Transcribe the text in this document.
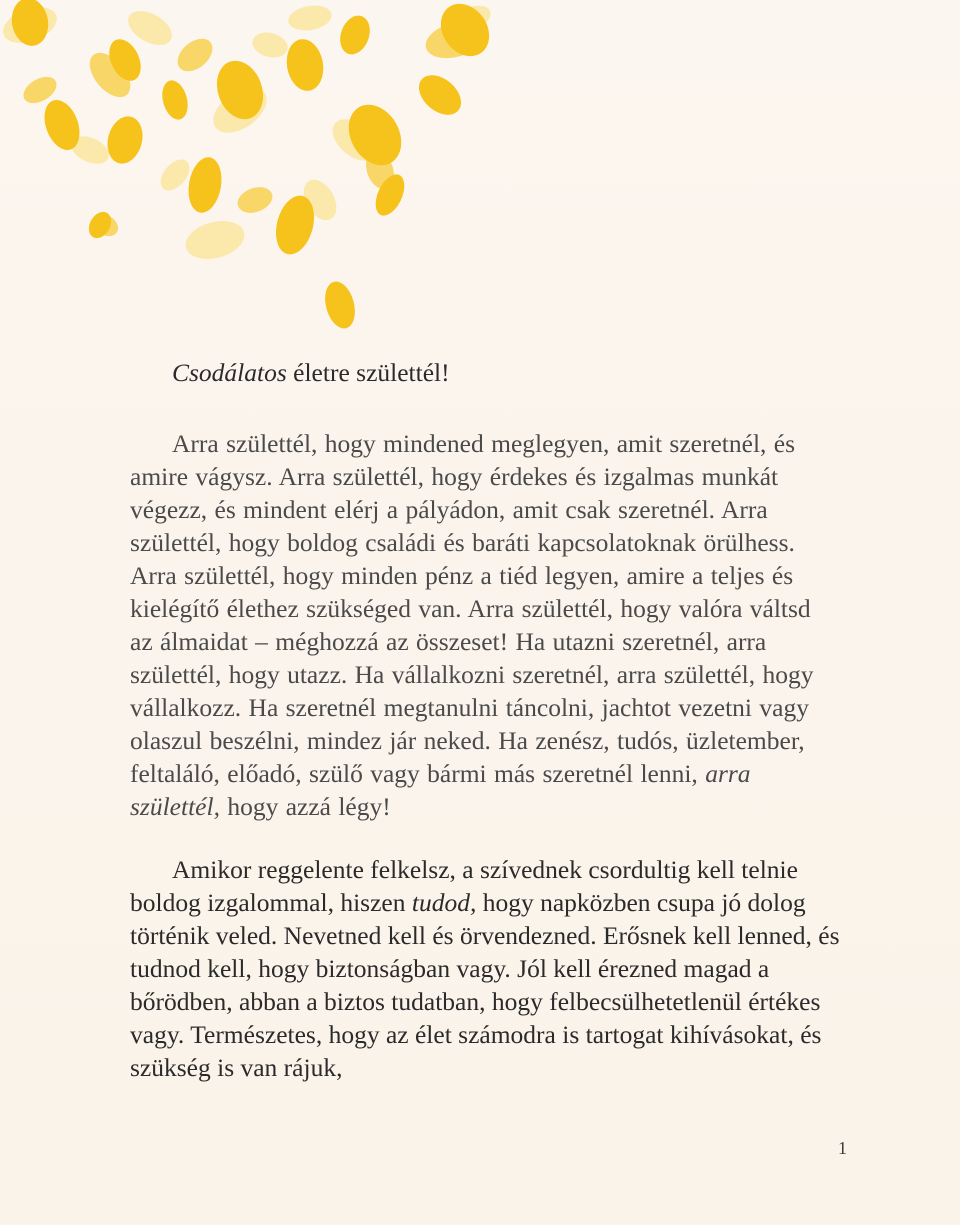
Csodálatos életre születtél!

Arra születtél, hogy mindened meglegyen, amit szeretnél, és amire vágysz. Arra születtél, hogy érdekes és izgalmas munkát végezz, és mindent elérj a pályádon, amit csak szeretnél. Arra születtél, hogy boldog családi és baráti kapcsolatoknak örülhess. Arra születtél, hogy minden pénz a tiéd legyen, amire a teljes és kielégítő élethez szükséged van. Arra születtél, hogy valóra váltsd az álmaidat – méghozzá az összeset! Ha utazni szeretnél, arra születtél, hogy utazz. Ha vállalkozni szeretnél, arra születtél, hogy vállalkozz. Ha szeretnél megtanulni táncolni, jachtot vezetni vagy olaszul beszélni, mindez jár neked. Ha zenész, tudós, üzletember, feltaláló, előadó, szülő vagy bármi más szeretnél lenni, arra születtél, hogy azzá légy!

Amikor reggelente felkelsz, a szívednek csordultig kell telnie boldog izgalommal, hiszen tudod, hogy napközben csupa jó dolog történik veled. Nevetned kell és örvendezned. Erősnek kell lenned, és tudnod kell, hogy biztonságban vagy. Jól kell érezned magad a bőrödben, abban a biztos tudatban, hogy felbecsülhetetlenül értékes vagy. Természetes, hogy az élet számodra is tartogat kihívásokat, és szükség is van rájuk,

1
